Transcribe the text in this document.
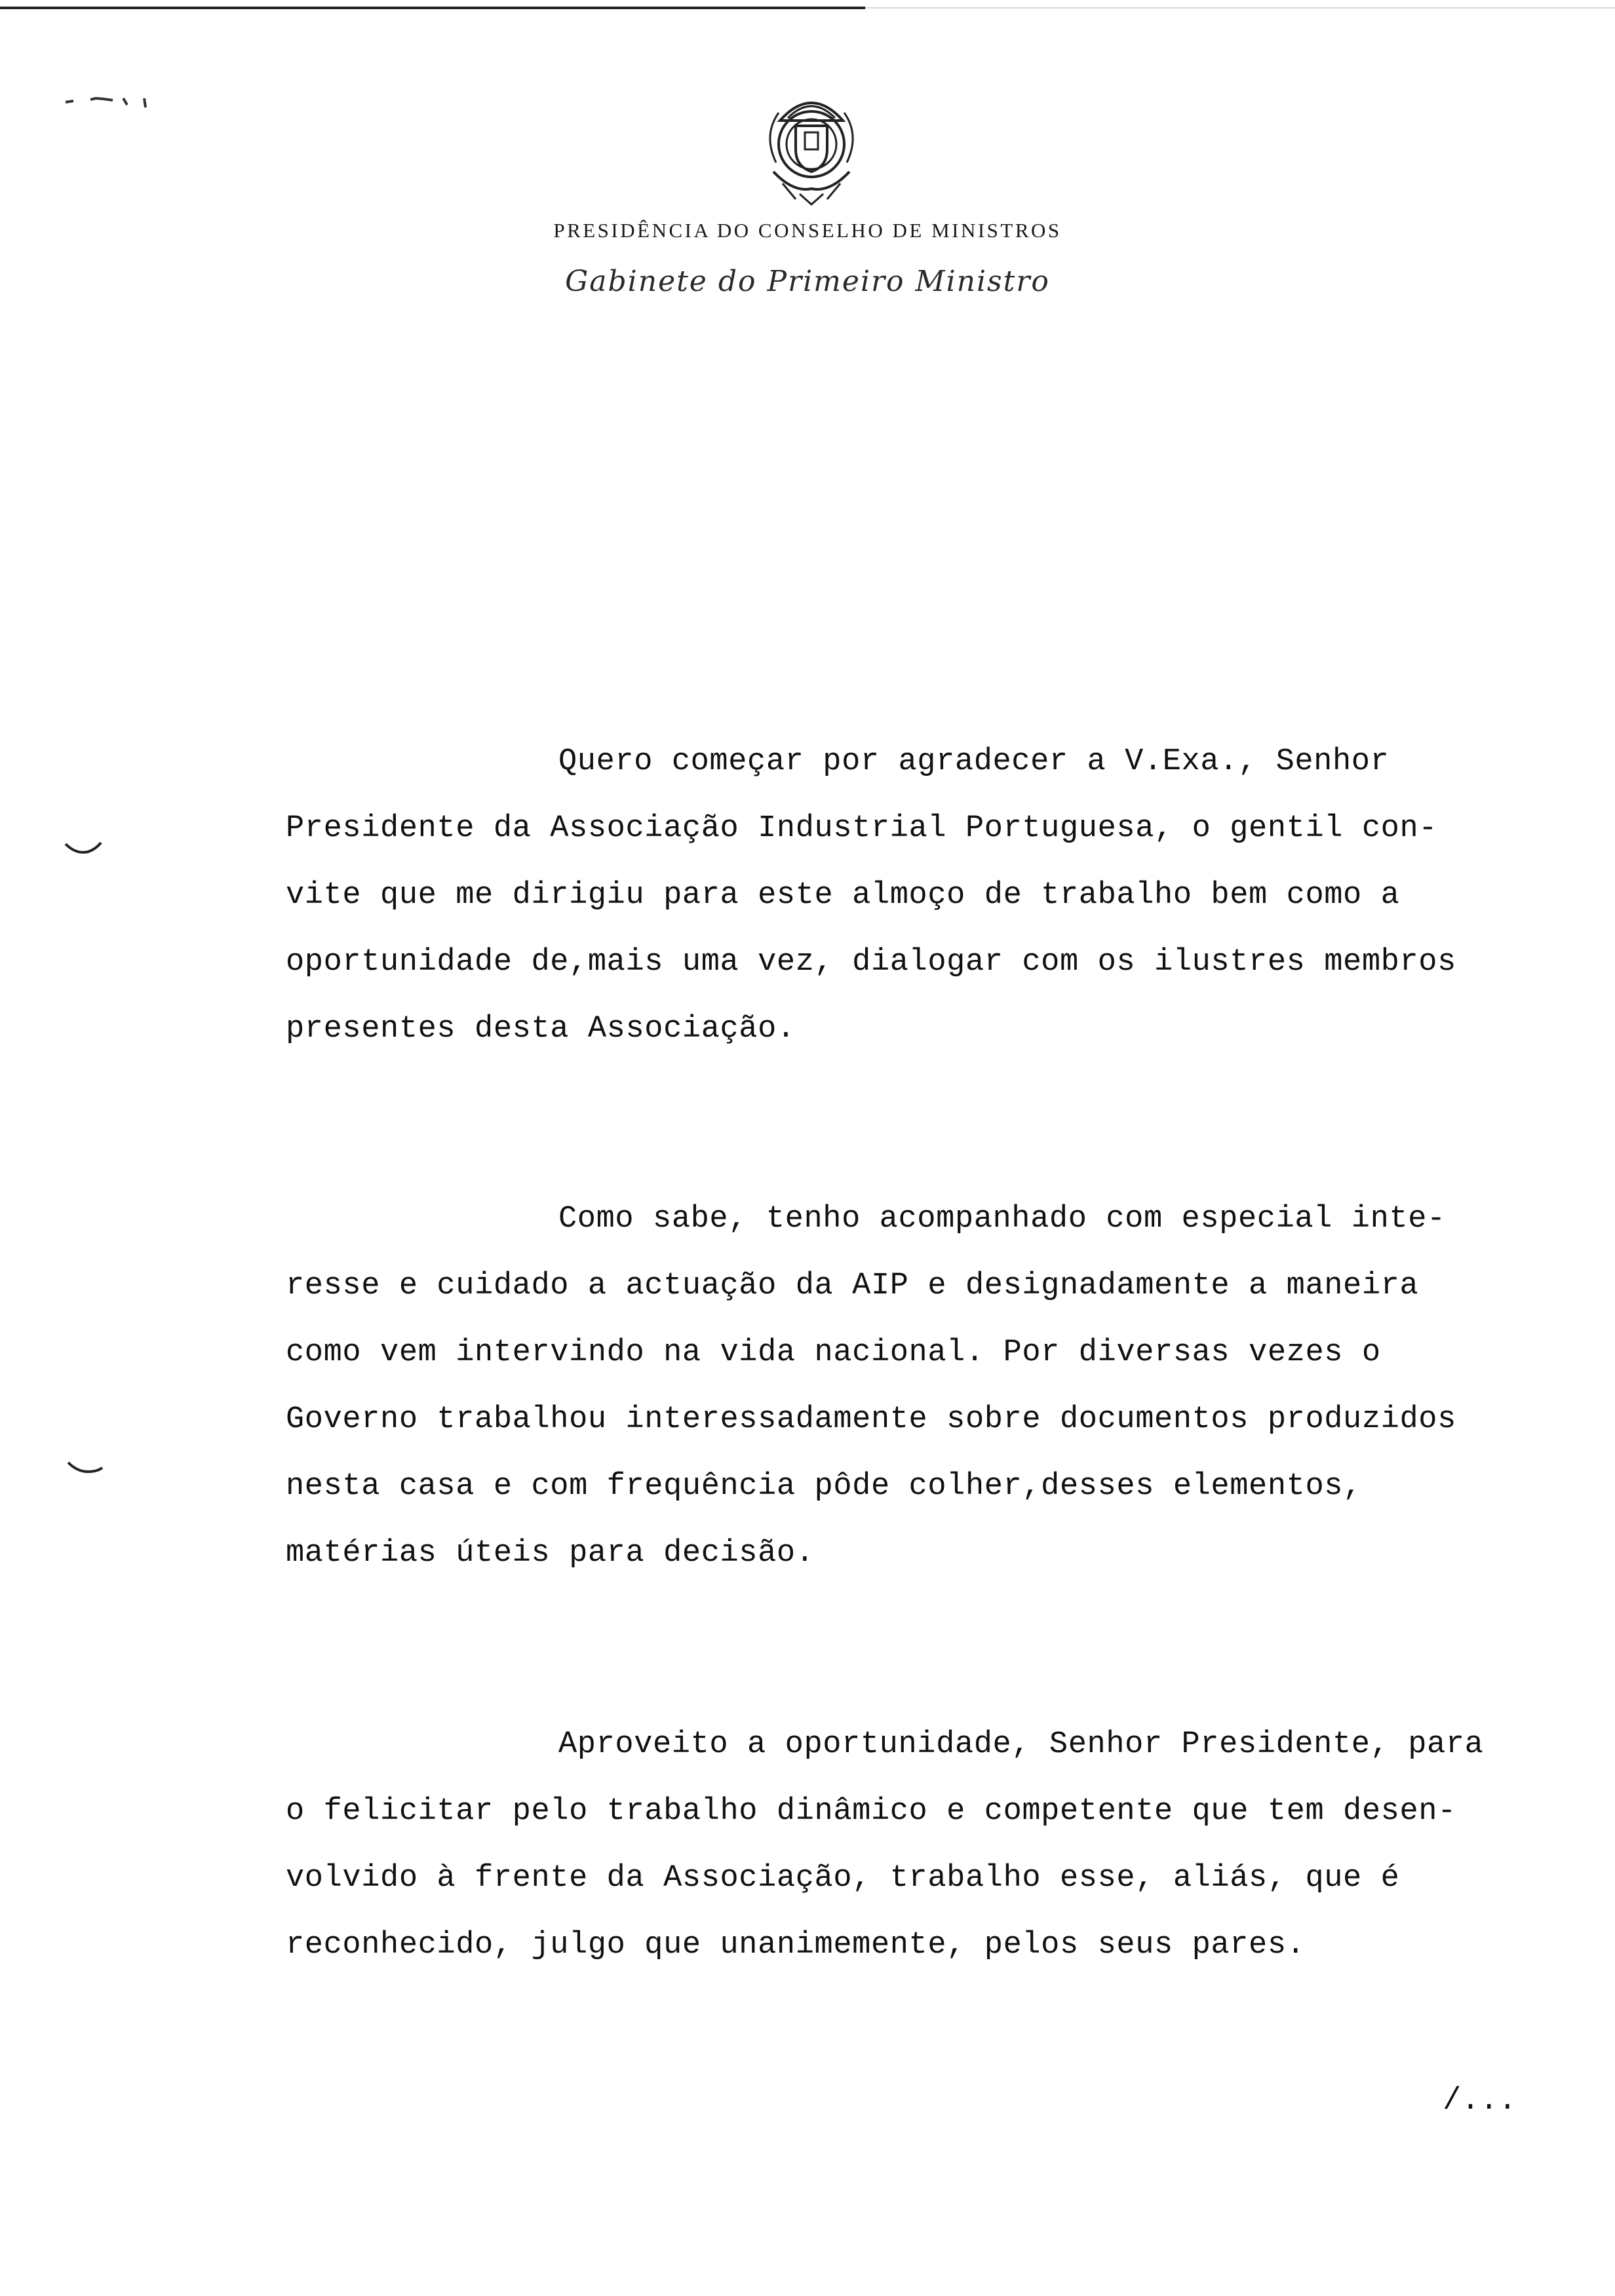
PRESIDÊNCIA DO CONSELHO DE MINISTROS
Gabinete do Primeiro Ministro
Quero começar por agradecer a V.Exa., Senhor
Presidente da Associação Industrial Portuguesa, o gentil con-
vite que me dirigiu para este almoço de trabalho bem como a
oportunidade de,mais uma vez, dialogar com os ilustres membros
presentes desta Associação.
Como sabe, tenho acompanhado com especial inte-
resse e cuidado a actuação da AIP e designadamente a maneira
como vem intervindo na vida nacional. Por diversas vezes o
Governo trabalhou interessadamente sobre documentos produzidos
nesta casa e com frequência pôde colher,desses elementos,
matérias úteis para decisão.
Aproveito a oportunidade, Senhor Presidente, para
o felicitar pelo trabalho dinâmico e competente que tem desen-
volvido à frente da Associação, trabalho esse, aliás, que é
reconhecido, julgo que unanimemente, pelos seus pares.
/...
